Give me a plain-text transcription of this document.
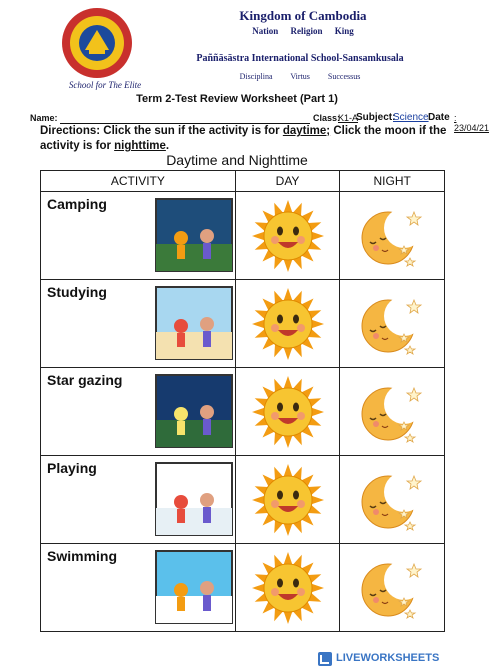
Kingdom of Cambodia
Nation Religion King
Paññāsāstra International School-Sansamkusala
Disciplina Virtus Successus
School for The Elite
Term 2-Test Review Worksheet (Part 1)
Name:	Class:
K1-A
Subject:
Science Date : 23/04/21
Directions: Click the sun if the activity is for daytime; Click the moon if the activity is for nighttime.
Daytime and Nighttime
ACTIVITY	DAY	NIGHT

Camping

Studying

Star gazing

Playing

Swimming

LIVEWORKSHEETS
